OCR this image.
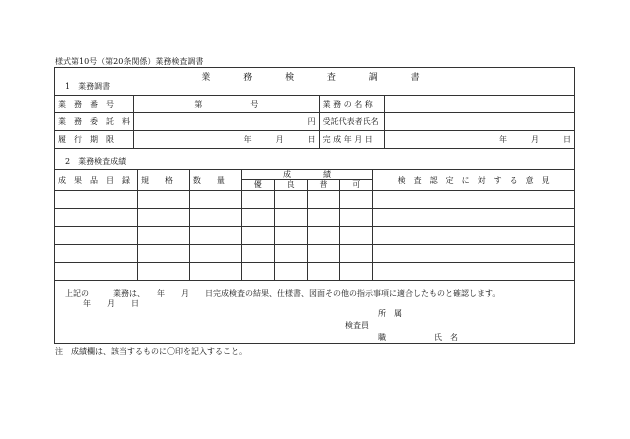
様式第10号（第20条関係）業務検査調書
業 務 検 査 調 書
1　業務調書
業　務　番　号	第　　　　　　号	業 務 の 名 称	
業　務　委　託　料	円	受託代表者氏名	
履　行　期　限	年　　　月　　　日	完 成 年 月 日	年　　　月　　　日
2　業務検査成績
成　果　品　目　録	規　　格	数　　量	成　　　　績				検　査　認　定　に　対　す　る　意　見
			優	良	普	可	

上記の　　　業務は、　　年　　月　　日完成検査の結果、仕様書、図面その他の指示事項に適合したものと確認します。
年　　月　　日
所　属
検査員
職　　　　　　氏　名
注　成績欄は、該当するものに〇印を記入すること。
